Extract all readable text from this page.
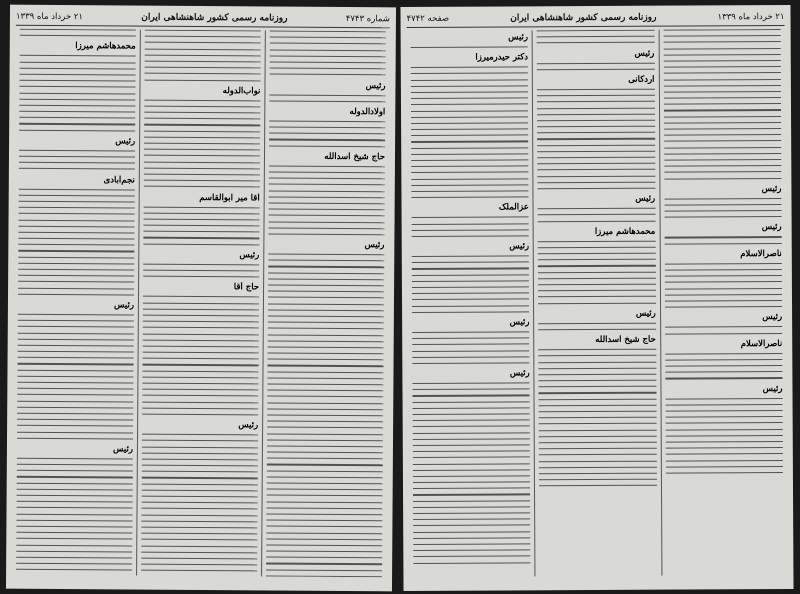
شماره ۴۷۴۳
روزنامه رسمی کشور شاهنشاهی ایران
۲۱ خرداد ماه ۱۳۳۹
رئیس
اولادالدوله
حاج شیخ اسدالله
رئیس
نواب‌الدوله
آقا میر ابوالقاسم
رئیس
حاج آقا
رئیس
محمدهاشم میرزا
رئیس
نجم‌آبادی
رئیس
رئیس
۲۱ خرداد ماه ۱۳۳۹
روزنامه رسمی کشور شاهنشاهی ایران
صفحه ۴۷۴۲
رئیس
رئیس
ناصرالاسلام
رئیس
ناصرالاسلام
رئیس
رئیس
اردکانی
رئیس
محمدهاشم میرزا
رئیس
حاج شیخ اسدالله
رئیس
دکتر حیدرمیرزا
عزالملک
رئیس
رئیس
رئیس
